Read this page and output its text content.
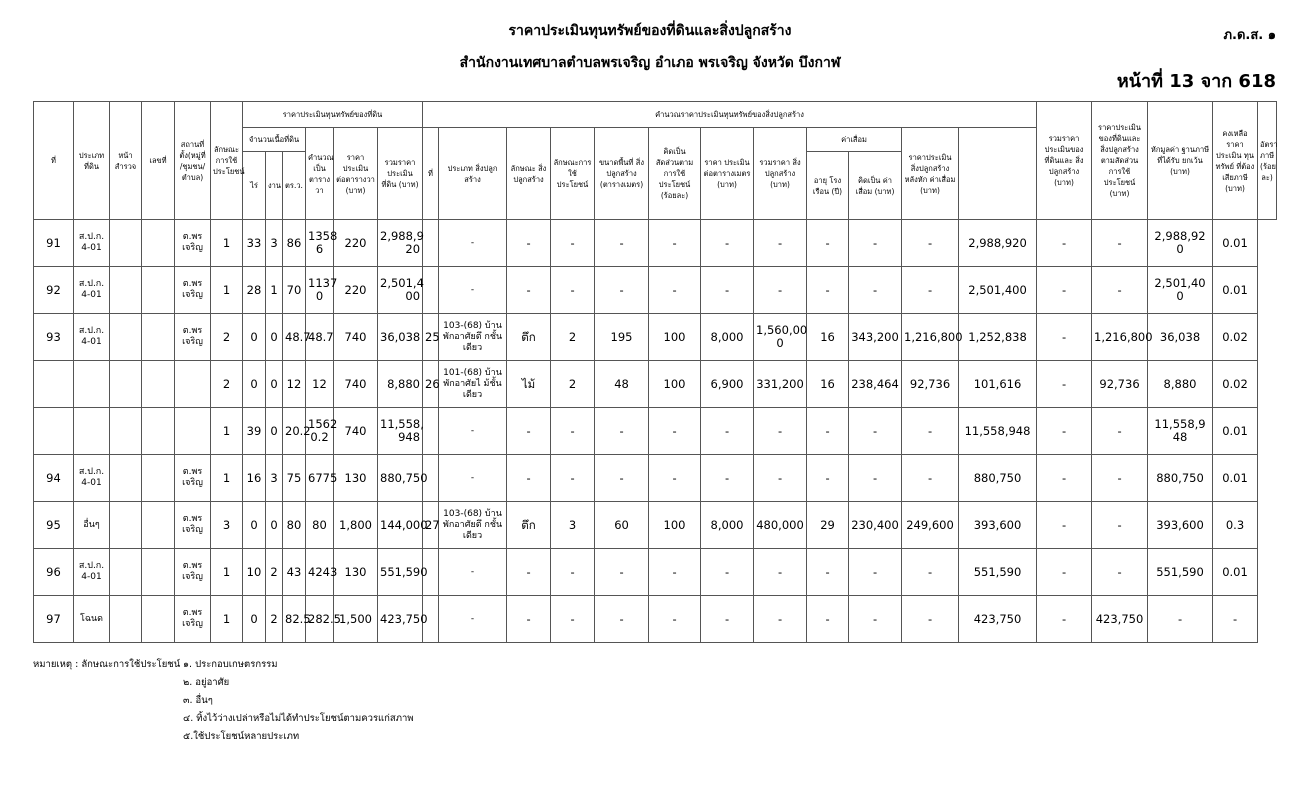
ราคาประเมินทุนทรัพย์ของที่ดินและสิ่งปลูกสร้าง
สำนักงานเทศบาลตำบลพรเจริญ อำเภอ พรเจริญ จังหวัด บึงกาฬ
ภ.ด.ส. ๑
หน้าที่ 13 จาก 618
ที่	ประเภท ที่ดิน	หน้า สำรวจ	เลขที่	สถานที่ ตั้ง(หมู่ที่ /ชุมชน/ ตำบล)	ลักษณะ การใช้ ประโยชน์	ราคาประเมินทุนทรัพย์ของที่ดิน						คำนวณราคาประเมินทุนทรัพย์ของสิ่งปลูกสร้าง												รวมราคา ประเมินของ ที่ดินและ สิ่งปลูกสร้าง (บาท)	ราคาประเมิน ของที่ดินและ สิ่งปลูกสร้าง ตามสัดส่วน การใช้ประโยชน์ (บาท)	หักมูลค่า ฐานภาษี ที่ได้รับ ยกเว้น (บาท)	คงเหลือ ราคาประเมิน ทุนทรัพย์ ที่ต้องเสียภาษี (บาท)	อัตราภาษี (ร้อยละ)
						จำนวนเนื้อที่ดิน			คำนวณ เป็น ตารางวา	ราคา ประเมิน ต่อตารางวา (บาท)	รวมราคา ประเมิน ที่ดิน (บาท)	ที่	ประเภท สิ่งปลูกสร้าง	ลักษณะ สิ่งปลูกสร้าง	ลักษณะการ ใช้ประโยชน์	ขนาดพื้นที่ สิ่งปลูกสร้าง (ตารางเมตร)	คิดเป็น สัดส่วนตาม การใช้ ประโยชน์ (ร้อยละ)	ราคา ประเมิน ต่อตารางเมตร (บาท)	รวมราคา สิ่งปลูกสร้าง (บาท)	ค่าเสื่อม		ราคาประเมิน สิ่งปลูกสร้าง หลังหัก ค่าเสื่อม (บาท)						
						ไร่	งาน	ตร.ว.												อายุ โรงเรือน (ปี)	คิดเป็น ค่าเสื่อม (บาท)							
91	ส.ป.ก. 4-01			ต.พร เจริญ	1	33	3	86	1358 6	220	2,988,9 20		-	-	-	-	-	-	-	-	-	-	2,988,920	-	-	2,988,92 0	0.01	
92	ส.ป.ก. 4-01			ต.พร เจริญ	1	28	1	70	1137 0	220	2,501,4 00		-	-	-	-	-	-	-	-	-	-	2,501,400	-	-	2,501,40 0	0.01	
93	ส.ป.ก. 4-01			ต.พร เจริญ	2	0	0	48.7	48.7	740	36,038	25	103-(68) บ้านพักอาศัยตึ กชั้นเดียว	ตึก	2	195	100	8,000	1,560,00 0	16	343,200	1,216,800	1,252,838	-	1,216,800	36,038	0.02	
					2	0	0	12	12	740	8,880	26	101-(68) บ้านพักอาศัยไ ม้ชั้นเดียว	ไม้	2	48	100	6,900	331,200	16	238,464	92,736	101,616	-	92,736	8,880	0.02	
					1	39	0	20.2	1562 0.2	740	11,558, 948		-	-	-	-	-	-	-	-	-	-	11,558,948	-	-	11,558,9 48	0.01	
94	ส.ป.ก. 4-01			ต.พร เจริญ	1	16	3	75	6775	130	880,750		-	-	-	-	-	-	-	-	-	-	880,750	-	-	880,750	0.01	
95	อื่นๆ			ต.พร เจริญ	3	0	0	80	80	1,800	144,000	27	103-(68) บ้านพักอาศัยตึ กชั้นเดียว	ตึก	3	60	100	8,000	480,000	29	230,400	249,600	393,600	-	-	393,600	0.3	
96	ส.ป.ก. 4-01			ต.พร เจริญ	1	10	2	43	4243	130	551,590		-	-	-	-	-	-	-	-	-	-	551,590	-	-	551,590	0.01	
97	โฉนด			ต.พร เจริญ	1	0	2	82.5	282.5	1,500	423,750		-	-	-	-	-	-	-	-	-	-	423,750	-	423,750	-	-	
หมายเหตุ : ลักษณะการใช้ประโยชน์ ๑. ประกอบเกษตรกรรม
๒. อยู่อาศัย
๓. อื่นๆ
๔. ทิ้งไว้ว่างเปล่าหรือไม่ได้ทำประโยชน์ตามควรแก่สภาพ
๕.ใช้ประโยชน์หลายประเภท
